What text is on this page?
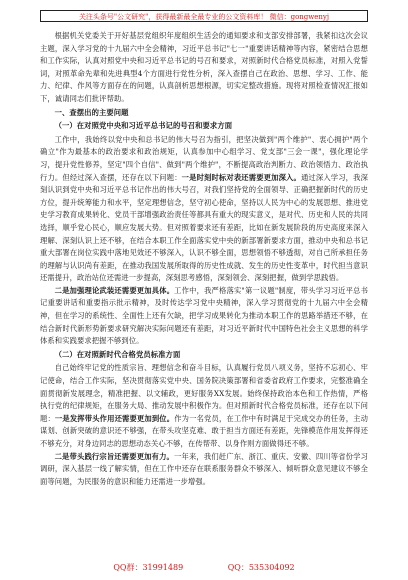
关注头条号"公文研究"，获得最新最全最专业的公文资料库！ 微信：gongwenyj

根据机关党委关于开好基层党组织年度组织生活会的通知要求和支部安排部署，我紧扣这次会议主题，深入学习党的十九届六中全会精神，习近平总书记"七一"重要讲话精神等内容，紧密结合思想和工作实际，认真对照党中央和习近平总书记的号召和要求，对照新时代合格党员标准，对照入党誓词，对照革命先辈和先进典型4个方面进行党性分析，深入查摆自己在政治、思想、学习、工作、能力、纪律、作风等方面存在的问题，认真剖析思想根源，切实定整改措施。现将对照检查情况汇报如下，诚请同志们批评帮助。

一、查摆出的主要问题

（一）在对照党中央和习近平总书记的号召和要求方面

工作中，我始终以党中央和总书记的伟大号召为指引，把坚决做到"两个维护"、衷心拥护"两个确立"作为最基本的政治要求和政治规矩，认真参加中心组学习、党支部"三会一课"，强化理论学习，提升党性修养，坚定"四个自信"、做到"两个维护"，不断提高政治判断力、政治领悟力、政治执行力。但经过深入查摆，还存在以下问题：一是时刻时标对表还需要更加深入。通过深入学习，我深刻认识到党中央和习近平总书记作出的伟大号召，对我们坚持党的全面领导、正确把握新时代的历史方位，提升统筹能力和水平，坚定理想信念，坚守初心使命，坚持以人民为中心的发展思想、推进党史学习教育成果转化、党员干部增强政治责任等都具有重大的现实意义，是对代、历史和人民的共同选择，顺乎党心民心，顺应发展大势。但对照着要求还有差距，比如在新发展阶段的历史高度来深入理解、深刻认识上还不够，在结合本职工作全面落实党中央的新部署新要求方面，推动中央和总书记重大部署在岗位实践中落地见效还不够深入，认识不够全面，思想领悟不够透彻，对自己所承担任务的理解与认识尚有差距，在推动我国发展所取得的历史性成就、发生的历史性变革中，时代担当意识还需提升，政治站位还需进一步提高，深刻思考感悟，深刻领会、深刻把握，做到学思践悟。

二是加强理论武装还需要更加具体。工作中，我严格落实"第一议题"制度，带头学习习近平总书记重要讲话和重要指示批示精神，及时传达学习党中央精神，深入学习贯彻党的十九届六中全会精神，但在学习的系统性、全面性上还有欠缺，把学习成果转化为推动本职工作的思路举措还不够，在结合新时代新形势新要求研究解决实际问题还有差距，对习近平新时代中国特色社会主义思想的科学体系和实践要求把握不够到位。

（二）在对照新时代合格党员标准方面

自己始终牢记党的性质宗旨、理想信念和奋斗目标，认真履行党员八项义务，坚持不忘初心、牢记使命，结合工作实际，坚决贯彻落实党中央、国务院决策部署和省委省政府工作要求，完整准确全面贯彻新发展理念，精准把握、以文辅政，更好服务XX发展。始终保持政治本色和工作热情，严格执行党的纪律规矩，在服务大局、推动发展中积极作为。但对照新时代合格党员标准，还存在以下问题：一是发挥带头作用还需要更加到位。作为一名党员，在工作中有时满足于完成交办的任务，主动谋划、创新突破的意识还不够强，在带头攻坚克难、敢于担当方面还有差距，先锋模范作用发挥得还不够充分，对身边同志的思想动态关心不够，在传帮带、以身作则方面做得还不够。

二是带头践行宗旨还需要更加有力。一年来，我们赶广东、浙江、重庆、安徽、四川等省份学习调研，深入基层一线了解实情，但在工作中还存在联系服务群众不够深入、倾听群众意见建议不够全面等问题，为民服务的意识和能力还需进一步增强。

QQ群：31991489	QQ：535304092
